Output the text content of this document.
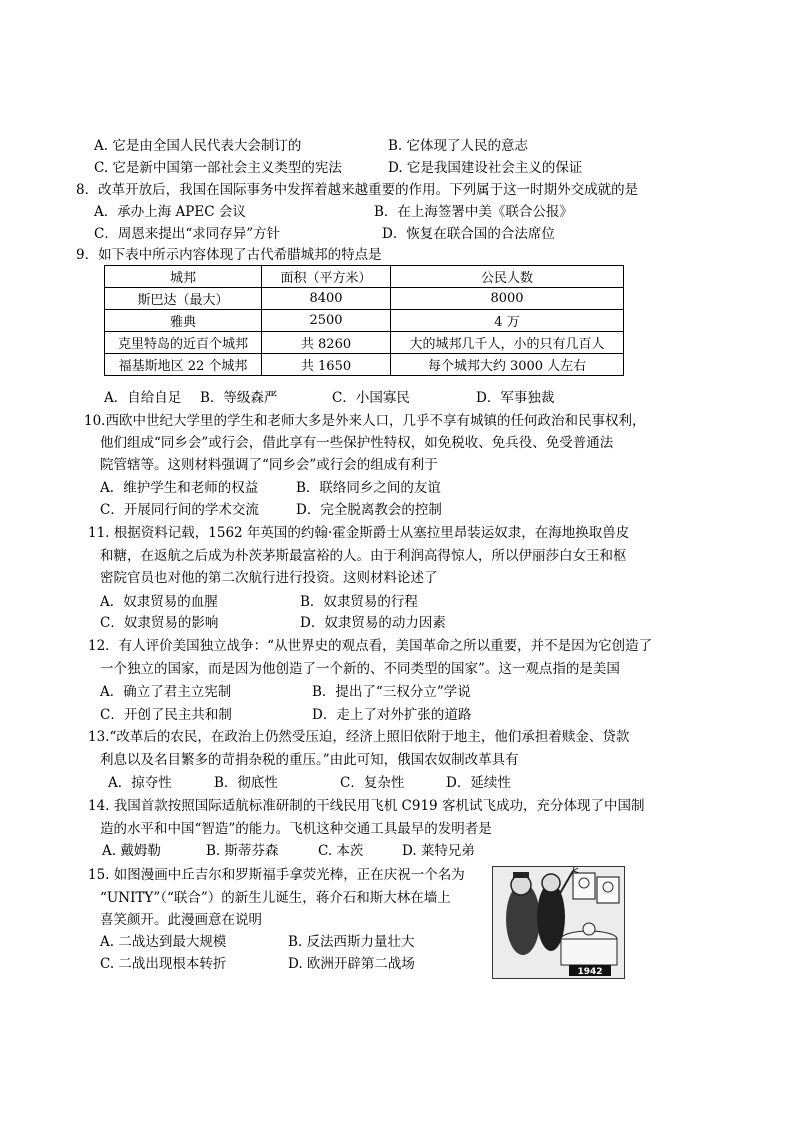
A. 它是由全国人民代表大会制订的	B. 它体现了人民的意志
C. 它是新中国第一部社会主义类型的宪法	D. 它是我国建设社会主义的保证
8．改革开放后，我国在国际事务中发挥着越来越重要的作用。下列属于这一时期外交成就的是
A．承办上海 APEC 会议	B．在上海签署中美《联合公报》
C．周恩来提出“求同存异”方针	D．恢复在联合国的合法席位
9．如下表中所示内容体现了古代希腊城邦的特点是
城邦	面积（平方米）	公民人数
斯巴达（最大）	8400	8000
雅典	2500	4 万
克里特岛的近百个城邦	共 8260	大的城邦几千人，小的只有几百人
福基斯地区 22 个城邦	共 1650	每个城邦大约 3000 人左右
A．自给自足 B．等级森严	C．小国寡民	D．军事独裁
10.西欧中世纪大学里的学生和老师大多是外来人口，几乎不享有城镇的任何政治和民事权利，
他们组成“同乡会”或行会，借此享有一些保护性特权，如免税收、免兵役、免受普通法
院管辖等。这则材料强调了“同乡会”或行会的组成有利于
A．维护学生和老师的权益	B．联络同乡之间的友谊
C．开展同行间的学术交流	D．完全脱离教会的控制
11. 根据资料记载，1562 年英国的约翰·霍金斯爵士从塞拉里昂装运奴隶，在海地换取兽皮
和糖，在返航之后成为朴茨茅斯最富裕的人。由于利润高得惊人，所以伊丽莎白女王和枢
密院官员也对他的第二次航行进行投资。这则材料论述了
A．奴隶贸易的血腥	B．奴隶贸易的行程
C．奴隶贸易的影响	D．奴隶贸易的动力因素
12．有人评价美国独立战争：“从世界史的观点看，美国革命之所以重要，并不是因为它创造了
一个独立的国家，而是因为他创造了一个新的、不同类型的国家”。这一观点指的是美国
A．确立了君主立宪制	B．提出了“三权分立”学说
C．开创了民主共和制	D．走上了对外扩张的道路
13.“改革后的农民，在政治上仍然受压迫，经济上照旧依附于地主，他们承担着赎金、贷款
利息以及名目繁多的苛捐杂税的重压。”由此可知，俄国农奴制改革具有
A．掠夺性	B．彻底性	C．复杂性	D．延续性
14. 我国首款按照国际适航标准研制的干线民用飞机 C919 客机试飞成功，充分体现了中国制
造的水平和中国“智造”的能力。飞机这种交通工具最早的发明者是
A. 戴姆勒	B. 斯蒂芬森	C. 本茨	D. 莱特兄弟
15. 如图漫画中丘吉尔和罗斯福手拿荧光棒，正在庆祝一个名为
“UNITY”（“联合”）的新生儿诞生，蒋介石和斯大林在墙上
喜笑颜开。此漫画意在说明
A. 二战达到最大规模	B. 反法西斯力量壮大
C. 二战出现根本转折	D. 欧洲开辟第二战场	1942
